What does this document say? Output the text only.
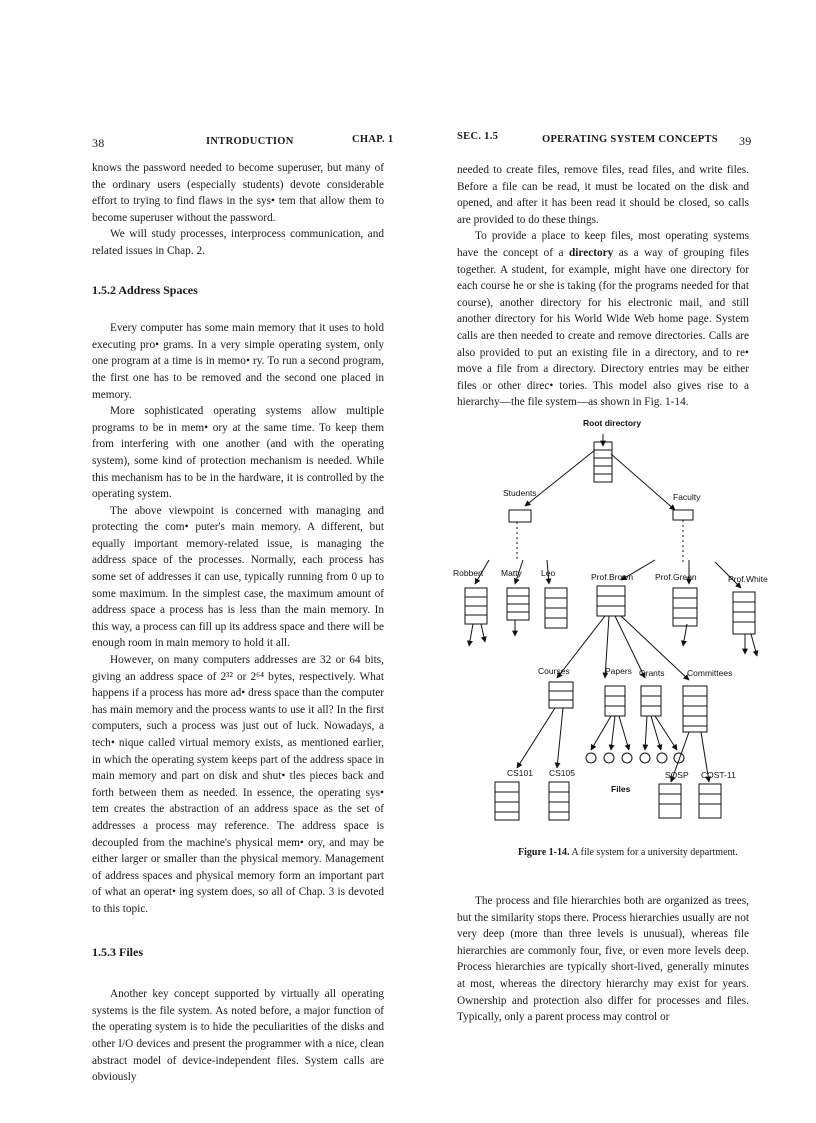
38	INTRODUCTION	CHAP. 1

knows the password needed to become superuser, but many of the ordinary users (especially students) devote considerable effort to trying to find flaws in the sys• tem that allow them to become superuser without the password.

We will study processes, interprocess communication, and related issues in Chap. 2.

1.5.2 Address Spaces

Every computer has some main memory that it uses to hold executing pro• grams. In a very simple operating system, only one program at a time is in memo• ry. To run a second program, the first one has to be removed and the second one placed in memory.

More sophisticated operating systems allow multiple programs to be in mem• ory at the same time. To keep them from interfering with one another (and with the operating system), some kind of protection mechanism is needed. While this mechanism has to be in the hardware, it is controlled by the operating system.

The above viewpoint is concerned with managing and protecting the com• puter's main memory. A different, but equally important memory-related issue, is managing the address space of the processes. Normally, each process has some set of addresses it can use, typically running from 0 up to some maximum. In the simplest case, the maximum amount of address space a process has is less than the main memory. In this way, a process can fill up its address space and there will be enough room in main memory to hold it all.

However, on many computers addresses are 32 or 64 bits, giving an address space of 2³² or 2⁶⁴ bytes, respectively. What happens if a process has more ad• dress space than the computer has main memory and the process wants to use it all? In the first computers, such a process was just out of luck. Nowadays, a tech• nique called virtual memory exists, as mentioned earlier, in which the operating system keeps part of the address space in main memory and part on disk and shut• tles pieces back and forth between them as needed. In essence, the operating sys• tem creates the abstraction of an address space as the set of addresses a process may reference. The address space is decoupled from the machine's physical mem• ory, and may be either larger or smaller than the physical memory. Management of address spaces and physical memory form an important part of what an operat• ing system does, so all of Chap. 3 is devoted to this topic.

1.5.3 Files

Another key concept supported by virtually all operating systems is the file system. As noted before, a major function of the operating system is to hide the peculiarities of the disks and other I/O devices and present the programmer with a nice, clean abstract model of device-independent files. System calls are obviously

SEC. 1.5	OPERATING SYSTEM CONCEPTS 39

needed to create files, remove files, read files, and write files. Before a file can be read, it must be located on the disk and opened, and after it has been read it should be closed, so calls are provided to do these things.

To provide a place to keep files, most operating systems have the concept of a directory as a way of grouping files together. A student, for example, might have one directory for each course he or she is taking (for the programs needed for that course), another directory for his electronic mail, and still another directory for his World Wide Web home page. System calls are then needed to create and remove directories. Calls are also provided to put an existing file in a directory, and to re• move a file from a directory. Directory entries may be either files or other direc• tories. This model also gives rise to a hierarchy—the file system—as shown in Fig. 1-14.

Root directory
Students	Faculty
Robbert Matty Leo	Prof.Brown	Prof.Green	Prof.White
Courses	Papers Grants	Committees
CS101 CS105
Files
SOSP COST-11
Figure 1-14. A file system for a university department.

The process and file hierarchies both are organized as trees, but the similarity stops there. Process hierarchies usually are not very deep (more than three levels is unusual), whereas file hierarchies are commonly four, five, or even more levels deep. Process hierarchies are typically short-lived, generally minutes at most, whereas the directory hierarchy may exist for years. Ownership and protection also differ for processes and files. Typically, only a parent process may control or
